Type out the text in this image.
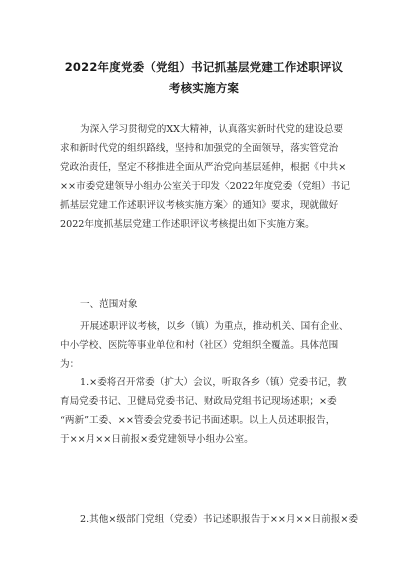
2022年度党委（党组）书记抓基层党建工作述职评议
考核实施方案
为深入学习贯彻党的XX大精神，认真落实新时代党的建设总要
求和新时代党的组织路线，坚持和加强党的全面领导，落实管党治
党政治责任，坚定不移推进全面从严治党向基层延伸，根据《中共×
××市委党建领导小组办公室关于印发〈2022年度党委（党组）书记
抓基层党建工作述职评议考核实施方案〉的通知》要求，现就做好
2022年度抓基层党建工作述职评议考核提出如下实施方案。
一、范围对象
开展述职评议考核，以乡（镇）为重点，推动机关、国有企业、
中小学校、医院等事业单位和村（社区）党组织全覆盖。具体范围
为：
1.×委将召开常委（扩大）会议，听取各乡（镇）党委书记，教
育局党委书记、卫健局党委书记、财政局党组书记现场述职；×委
“两新”工委、××管委会党委书记书面述职。以上人员述职报告，
于××月××日前报×委党建领导小组办公室。
2.其他×级部门党组（党委）书记述职报告于××月××日前报×委
